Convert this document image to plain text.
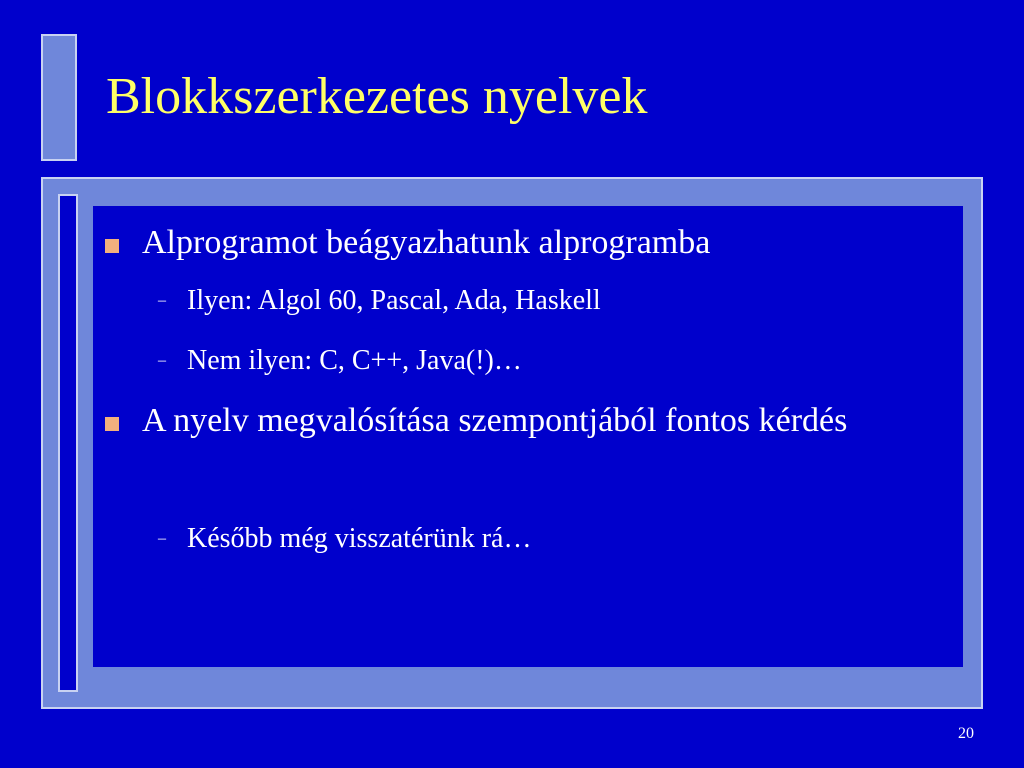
Blokkszerkezetes nyelvek
Alprogramot beágyazhatunk alprogramba
– Ilyen: Algol 60, Pascal, Ada, Haskell
– Nem ilyen: C, C++, Java(!)…
A nyelv megvalósítása szempontjából fontos kérdés
– Később még visszatérünk rá…
20
